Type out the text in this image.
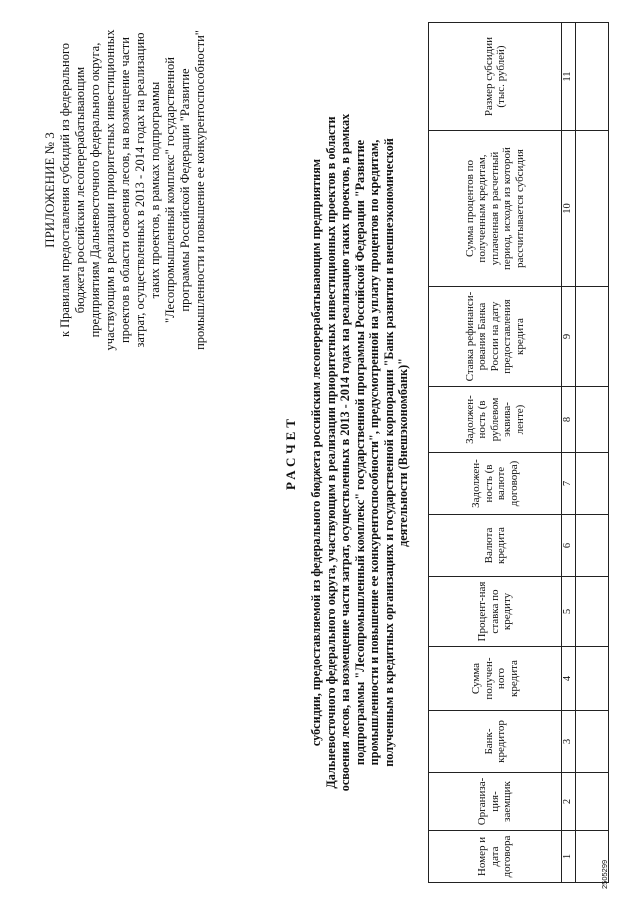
ПРИЛОЖЕНИЕ № 3 к Правилам предоставления субсидий из федерального бюджета российским лесоперерабатывающим предприятиям Дальневосточного федерального округа, участвующим в реализации приоритетных инвестиционных проектов в области освоения лесов, на возмещение части затрат, осуществленных в 2013 - 2014 годах на реализацию таких проектов, в рамках подпрограммы "Лесопромышленный комплекс" государственной программы Российской Федерации "Развитие промышленности и повышение ее конкурентоспособности"
РАСЧЕТ субсидии, предоставляемой из федерального бюджета российским лесоперерабатывающим предприятиям Дальневосточного федерального округа, участвующим в реализации приоритетных инвестиционных проектов в области освоения лесов, на возмещение части затрат, осуществленных в 2013 - 2014 годах на реализацию таких проектов, в рамках подпрограммы "Лесопромышленный комплекс" государственной программы Российской Федерации "Развитие промышленности и повышение ее конкурентоспособности", предусмотренной на уплату процентов по кредитам, полученным в кредитных организациях и государственной корпорации "Банк развития и внешнеэкономической деятельности (Внешэкономбанк)"
Номер и дата договора	Организа-ция-заемщик	Банк-кредитор	Сумма получен-ного кредита	Процент-ная ставка по кредиту	Валюта кредита	Задолжен-ность (в валюте договора)	Задолжен-ность (в рублевом эквива-ленте)	Ставка рефинанси-рования Банка России на дату предоставления кредита	Сумма процентов по полученным кредитам, уплаченная в расчетный период, исходя из которой рассчитывается субсидия	Размер субсидии (тыс. рублей)
1	2	3	4	5	6	7	8	9	10	11

2505299
